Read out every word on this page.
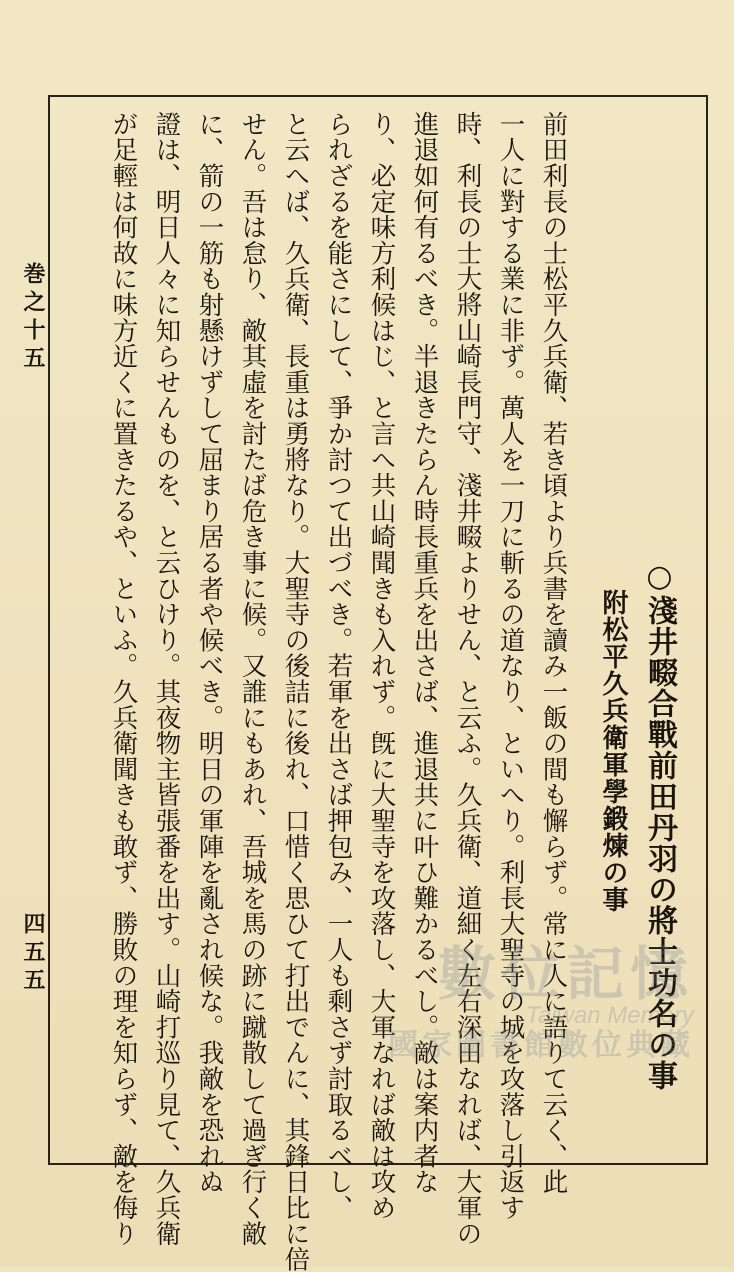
巻之十五
四五五	○淺井畷合戰前田丹羽の將士功名の事
附松平久兵衛軍學鍛煉の事
前田利長の士松平久兵衛、若き頃より兵書を讀み一飯の間も懈らず。常に人に語りて云く、此
一人に對する業に非ず。萬人を一刀に斬るの道なり、といへり。利長大聖寺の城を攻落し引返す
時、利長の士大將山崎長門守、淺井畷よりせん、と云ふ。久兵衛、道細く左右深田なれば、大軍の
進退如何有るべき。半退きたらん時長重兵を出さば、進退共に叶ひ難かるべし。敵は案内者な
り、必定味方利候はじ、と言へ共山崎聞きも入れず。旣に大聖寺を攻落し、大軍なれば敵は攻め
られざるを能さにして、爭か討つて出づべき。若軍を出さば押包み、一人も剩さず討取るべし、
と云へば、久兵衛、長重は勇將なり。大聖寺の後詰に後れ、口惜く思ひて打出でんに、其鋒日比に倍
せん。吾は怠り、敵其虛を討たば危き事に候。又誰にもあれ、吾城を馬の跡に蹴散して過ぎ行く敵
に、箭の一筋も射懸けずして屈まり居る者や候べき。明日の軍陣を亂され候な。我敵を恐れぬ
證は、明日人々に知らせんものを、と云ひけり。其夜物主皆張番を出す。山崎打巡り見て、久兵衛
が足輕は何故に味方近くに置きたるや、といふ。久兵衛聞きも敢ず、勝敗の理を知らず、敵を侮り	數位記憶
Taiwan Memory
國家圖書館數位典藏
